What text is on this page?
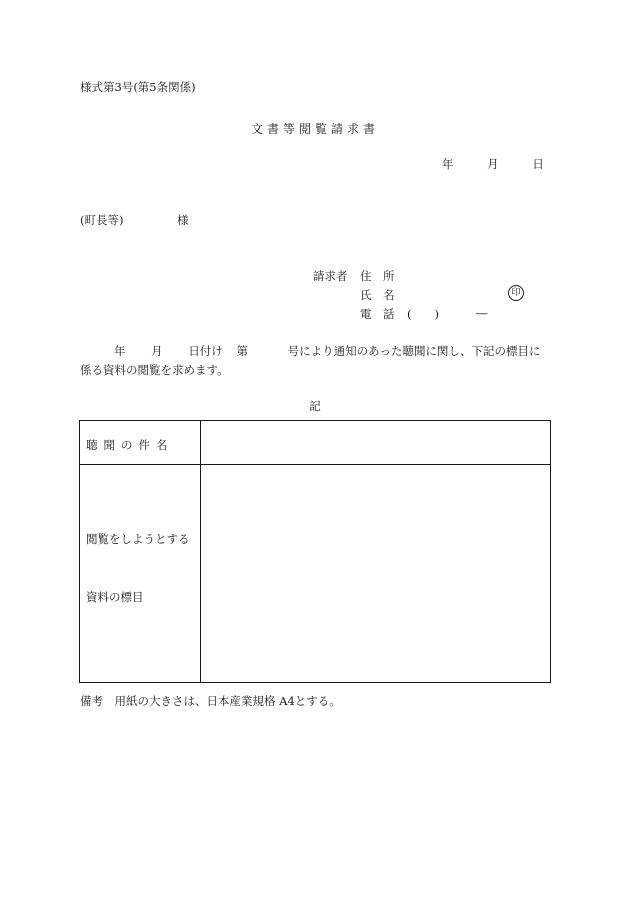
様式第3号(第5条関係)
文書等閲覧請求書
年	月	日
(町長等)	様
請求者 住　所
氏　名	印
電　話 (　　)	―
年 月 日付け 第	号により通知のあった聴聞に関し、下記の標目に
係る資料の閲覧を求めます。
記
聴聞の件名
閲覧をしようとする
資料の標目
備考　用紙の大きさは、日本産業規格 A4とする。
